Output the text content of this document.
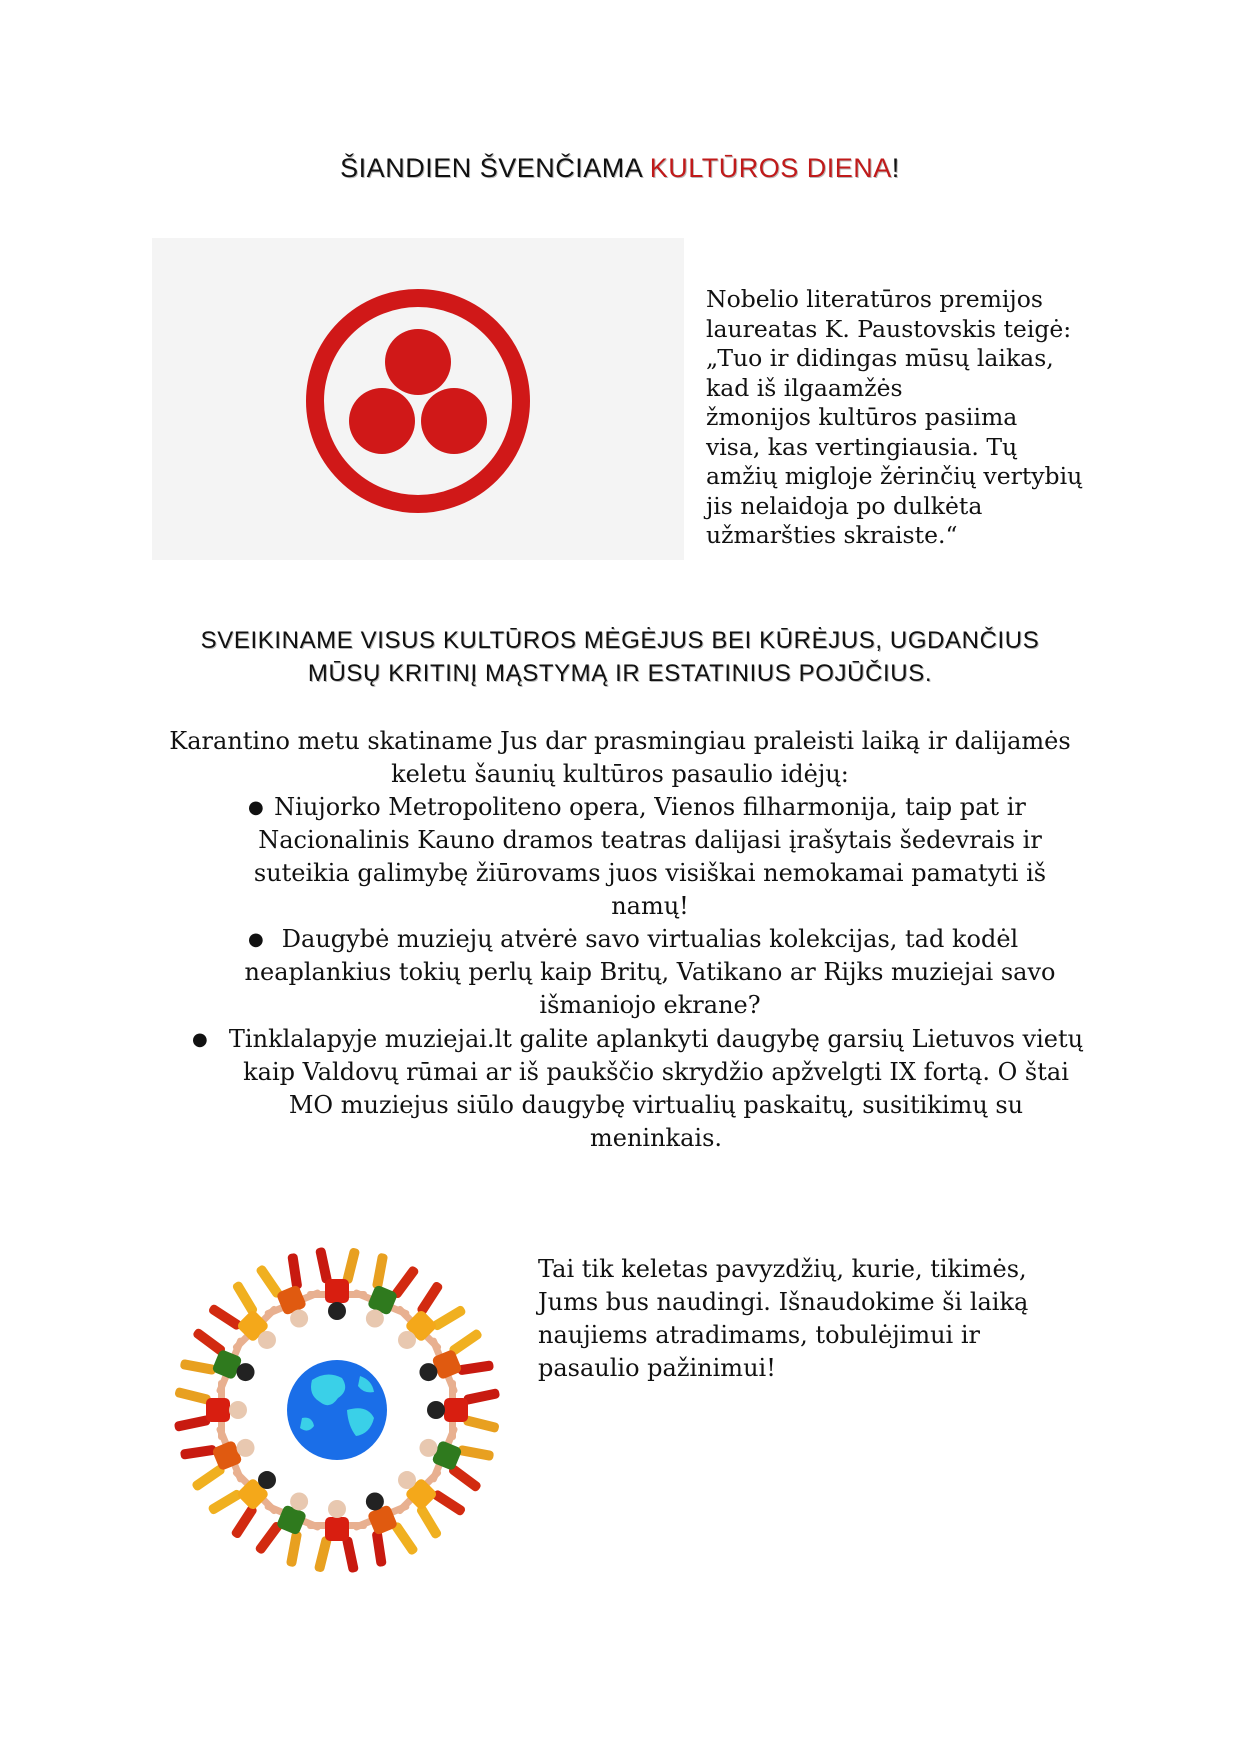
ŠIANDIEN ŠVENČIAMA KULTŪROS DIENA!
Nobelio literatūros premijos
laureatas K. Paustovskis teigė:
„Tuo ir didingas mūsų laikas,
kad iš ilgaamžės
žmonijos kultūros pasiima
visa, kas vertingiausia. Tų
amžių migloje žėrinčių vertybių
jis nelaidoja po dulkėta
užmaršties skraiste.“
SVEIKINAME VISUS KULTŪROS MĖGĖJUS BEI KŪRĖJUS, UGDANČIUS
MŪSŲ KRITINĮ MĄSTYMĄ IR ESTATINIUS POJŪČIUS.
Karantino metu skatiname Jus dar prasmingiau praleisti laiką ir dalijamės
keletu šaunių kultūros pasaulio idėjų:
● Niujorko Metropoliteno opera, Vienos filharmonija, taip pat ir
Nacionalinis Kauno dramos teatras dalijasi įrašytais šedevrais ir
suteikia galimybę žiūrovams juos visiškai nemokamai pamatyti iš
namų!
● Daugybė muziejų atvėrė savo virtualias kolekcijas, tad kodėl
neaplankius tokių perlų kaip Britų, Vatikano ar Rijks muziejai savo
išmaniojo ekrane?
● Tinklalapyje muziejai.lt galite aplankyti daugybę garsių Lietuvos vietų
kaip Valdovų rūmai ar iš paukščio skrydžio apžvelgti IX fortą. O štai
MO muziejus siūlo daugybę virtualių paskaitų, susitikimų su
meninkais.
Tai tik keletas pavyzdžių, kurie, tikimės,
Jums bus naudingi. Išnaudokime ši laiką
naujiems atradimams, tobulėjimui ir
pasaulio pažinimui!
